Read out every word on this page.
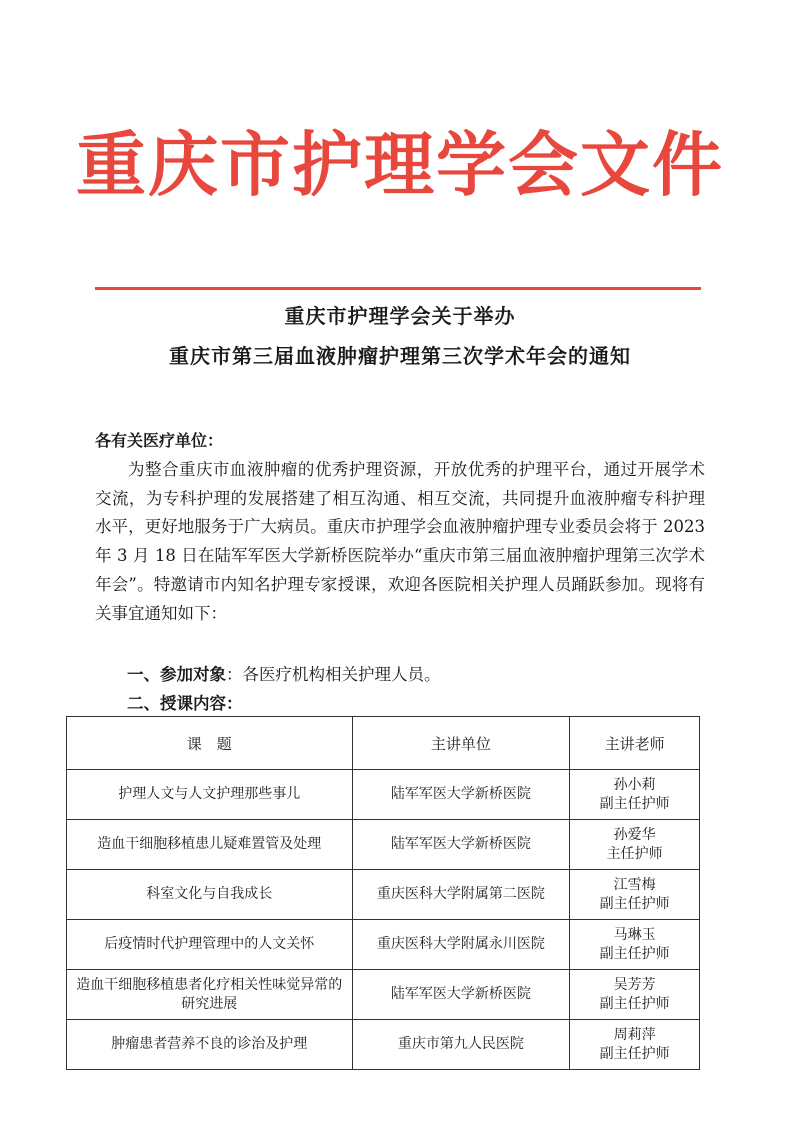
重庆市护理学会文件
重庆市护理学会关于举办
重庆市第三届血液肿瘤护理第三次学术年会的通知
各有关医疗单位：

为整合重庆市血液肿瘤的优秀护理资源，开放优秀的护理平台，通过开展学术交流，为专科护理的发展搭建了相互沟通、相互交流，共同提升血液肿瘤专科护理水平，更好地服务于广大病员。重庆市护理学会血液肿瘤护理专业委员会将于 2023 年 3 月 18 日在陆军军医大学新桥医院举办“重庆市第三届血液肿瘤护理第三次学术年会”。特邀请市内知名护理专家授课，欢迎各医院相关护理人员踊跃参加。现将有关事宜通知如下：

一、参加对象：各医疗机构相关护理人员。
二、授课内容：
课　题	主讲单位	主讲老师
护理人文与人文护理那些事儿	陆军军医大学新桥医院	孙小莉
副主任护师
造血干细胞移植患儿疑难置管及处理	陆军军医大学新桥医院	孙爱华
主任护师
科室文化与自我成长	重庆医科大学附属第二医院	江雪梅
副主任护师
后疫情时代护理管理中的人文关怀	重庆医科大学附属永川医院	马琳玉
副主任护师
造血干细胞移植患者化疗相关性味觉异常的研究进展	陆军军医大学新桥医院	吴芳芳
副主任护师
肿瘤患者营养不良的诊治及护理	重庆市第九人民医院	周莉萍
副主任护师
